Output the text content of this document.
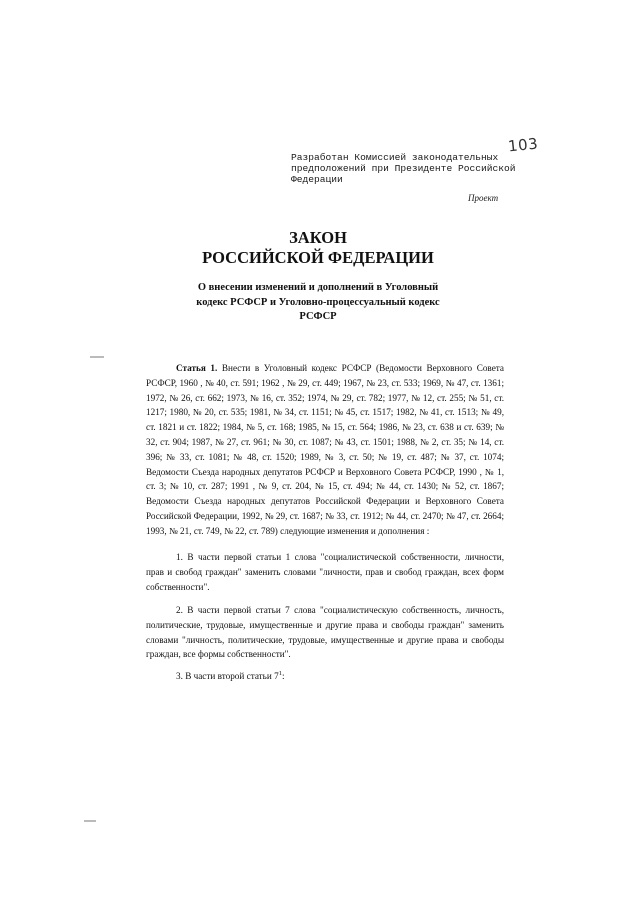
103
Разработан Комиссией законодательных
предположений при Президенте Российской
Федерации
Проект
ЗАКОН
РОССИЙСКОЙ ФЕДЕРАЦИИ
О внесении изменений и дополнений в Уголовный
кодекс РСФСР и Уголовно-процессуальный кодекс
РСФСР

Статья 1. Внести в Уголовный кодекс РСФСР (Ведомости Верховного Совета РСФСР, 1960 , № 40, ст. 591; 1962 , № 29, ст. 449; 1967, № 23, ст. 533; 1969, № 47, ст. 1361; 1972, № 26, ст. 662; 1973, № 16, ст. 352; 1974, № 29, ст. 782; 1977, № 12, ст. 255; № 51, ст. 1217; 1980, № 20, ст. 535; 1981, № 34, ст. 1151; № 45, ст. 1517; 1982, № 41, ст. 1513; № 49, ст. 1821 и ст. 1822; 1984, № 5, ст. 168; 1985, № 15, ст. 564; 1986, № 23, ст. 638 и ст. 639; № 32, ст. 904; 1987, № 27, ст. 961; № 30, ст. 1087; № 43, ст. 1501; 1988, № 2, ст. 35; № 14, ст. 396; № 33, ст. 1081; № 48, ст. 1520; 1989, № 3, ст. 50; № 19, ст. 487; № 37, ст. 1074; Ведомости Съезда народных депутатов РСФСР и Верховного Совета РСФСР, 1990 , № 1, ст. 3; № 10, ст. 287; 1991 , № 9, ст. 204, № 15, ст. 494; № 44, ст. 1430; № 52, ст. 1867; Ведомости Съезда народных депутатов Российской Федерации и Верховного Совета Российской Федерации, 1992, № 29, ст. 1687; № 33, ст. 1912; № 44, ст. 2470; № 47, ст. 2664; 1993, № 21, ст. 749, № 22, ст. 789) следующие изменения и дополнения :

1. В части первой статьи 1 слова "социалистической собственности, личности, прав и свобод граждан" заменить словами "личности, прав и свобод граждан, всех форм собственности".

2. В части первой статьи 7 слова "социалистическую собственность, личность, политические, трудовые, имущественные и другие права и свободы граждан" заменить словами "личность, политические, трудовые, имущественные и другие права и свободы граждан, все формы собственности".

3. В части второй статьи $7^1$:
